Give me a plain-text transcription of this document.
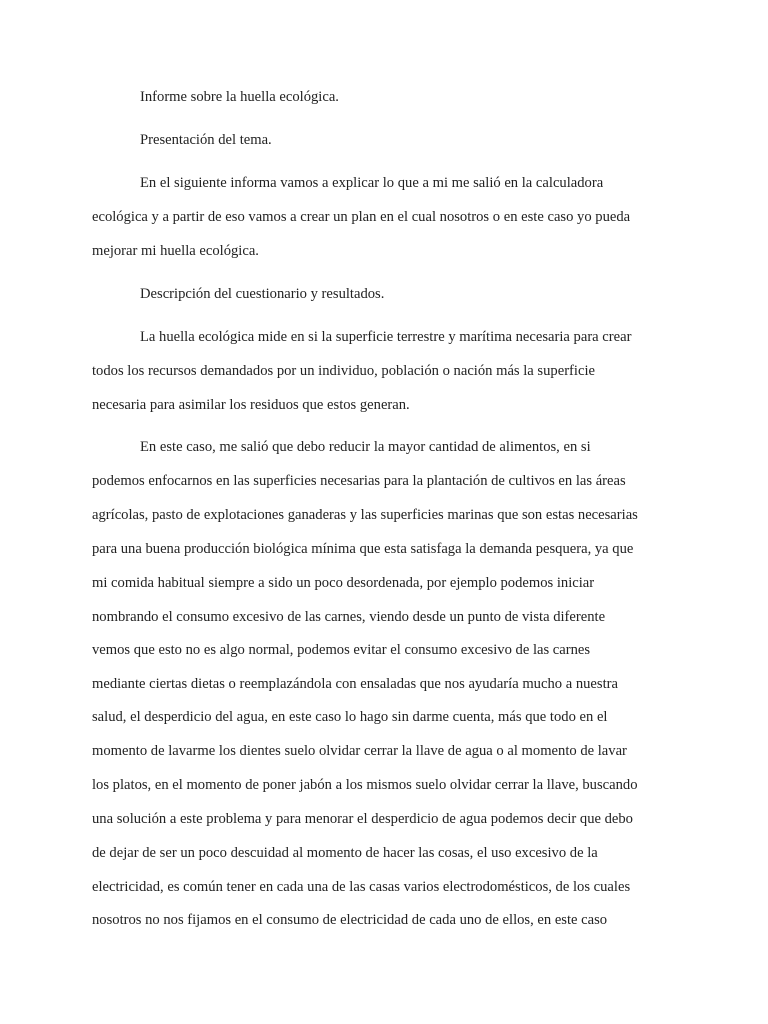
Informe sobre la huella ecológica.

Presentación del tema.

En el siguiente informa vamos a explicar lo que a mi me salió en la calculadora

ecológica y a partir de eso vamos a crear un plan en el cual nosotros o en este caso yo pueda

mejorar mi huella ecológica.

Descripción del cuestionario y resultados.

La huella ecológica mide en si la superficie terrestre y marítima necesaria para crear

todos los recursos demandados por un individuo, población o nación más la superficie

necesaria para asimilar los residuos que estos generan.

En este caso, me salió que debo reducir la mayor cantidad de alimentos, en si

podemos enfocarnos en las superficies necesarias para la plantación de cultivos en las áreas

agrícolas, pasto de explotaciones ganaderas y las superficies marinas que son estas necesarias

para una buena producción biológica mínima que esta satisfaga la demanda pesquera, ya que

mi comida habitual siempre a sido un poco desordenada, por ejemplo podemos iniciar

nombrando el consumo excesivo de las carnes, viendo desde un punto de vista diferente

vemos que esto no es algo normal, podemos evitar el consumo excesivo de las carnes

mediante ciertas dietas o reemplazándola con ensaladas que nos ayudaría mucho a nuestra

salud, el desperdicio del agua, en este caso lo hago sin darme cuenta, más que todo en el

momento de lavarme los dientes suelo olvidar cerrar la llave de agua o al momento de lavar

los platos, en el momento de poner jabón a los mismos suelo olvidar cerrar la llave, buscando

una solución a este problema y para menorar el desperdicio de agua podemos decir que debo

de dejar de ser un poco descuidad al momento de hacer las cosas, el uso excesivo de la

electricidad, es común tener en cada una de las casas varios electrodomésticos, de los cuales

nosotros no nos fijamos en el consumo de electricidad de cada uno de ellos, en este caso
